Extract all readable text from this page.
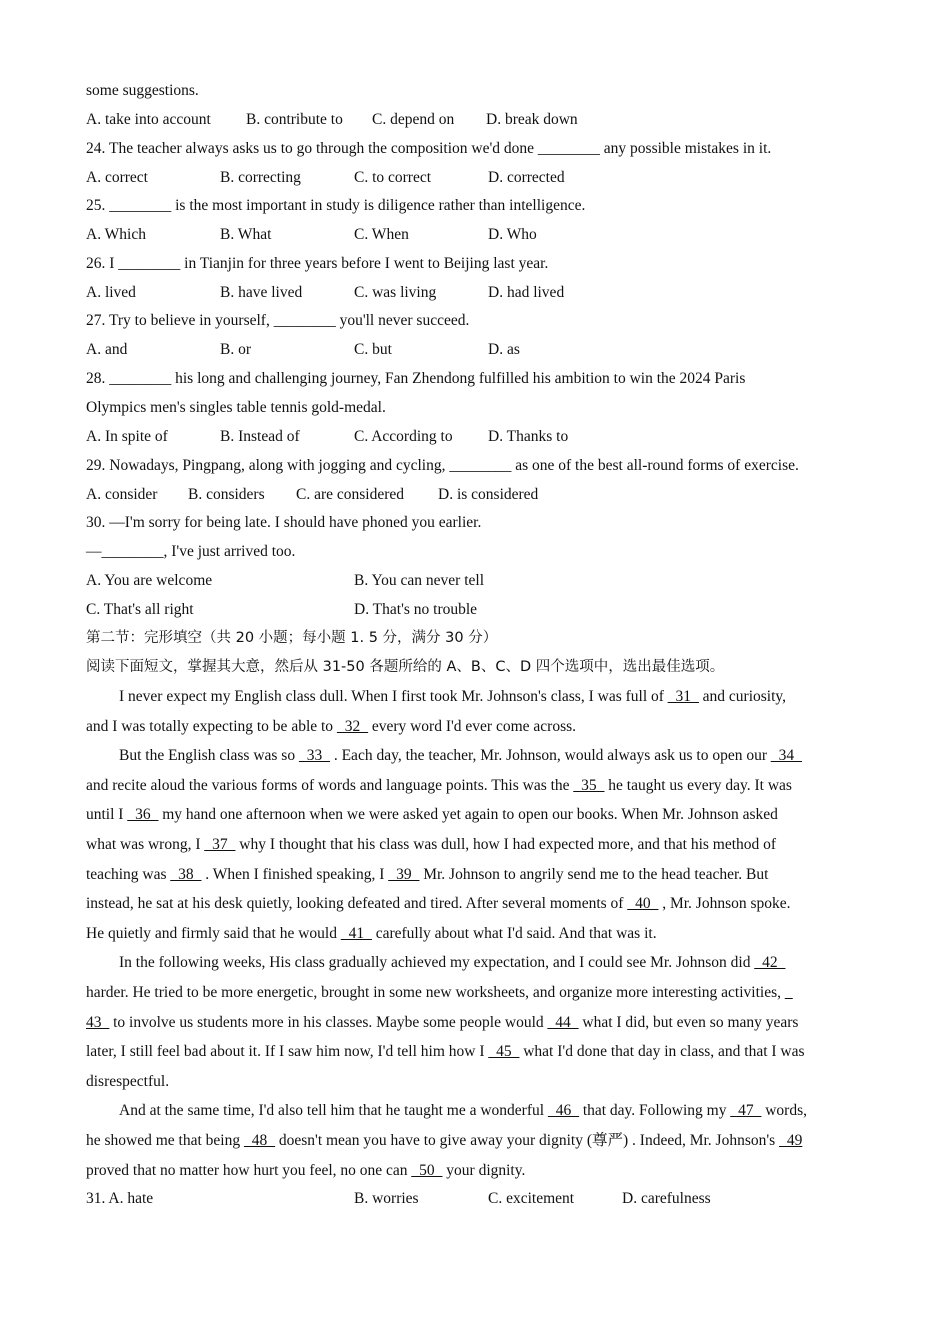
some suggestions.
A. take into account B. contribute to C. depend on D. break down
24. The teacher always asks us to go through the composition we'd done ________ any possible mistakes in it.
A. correct	B. correcting	C. to correct	D. corrected
25. ________ is the most important in study is diligence rather than intelligence.
A. Which	B. What	C. When	D. Who
26. I ________ in Tianjin for three years before I went to Beijing last year.
A. lived	B. have lived	C. was living	D. had lived
27. Try to believe in yourself, ________ you'll never succeed.
A. and	B. or	C. but	D. as
28. ________ his long and challenging journey, Fan Zhendong fulfilled his ambition to win the 2024 Paris
Olympics men's singles table tennis gold-medal.
A. In spite of	B. Instead of	C. According to D. Thanks to
29. Nowadays, Pingpang, along with jogging and cycling, ________ as one of the best all-round forms of exercise.
A. consider B. considers C. are considered D. is considered
30. —I'm sorry for being late. I should have phoned you earlier.
—________, I've just arrived too.
A. You are welcome	B. You can never tell
C. That's all right	D. That's no trouble
第二节：完形填空（共 20 小题；每小题 1. 5 分，满分 30 分）
阅读下面短文，掌握其大意，然后从 31-50 各题所给的 A、B、C、D 四个选项中，选出最佳选项。
I never expect my English class dull. When I first took Mr. Johnson's class, I was full of _31_ and curiosity,
and I was totally expecting to be able to _32_ every word I'd ever come across.
But the English class was so _33_ . Each day, the teacher, Mr. Johnson, would always ask us to open our _34_
and recite aloud the various forms of words and language points. This was the _35_ he taught us every day. It was
until I _36_ my hand one afternoon when we were asked yet again to open our books. When Mr. Johnson asked
what was wrong, I _37_ why I thought that his class was dull, how I had expected more, and that his method of
teaching was _38_ . When I finished speaking, I _39_ Mr. Johnson to angrily send me to the head teacher. But
instead, he sat at his desk quietly, looking defeated and tired. After several moments of _40_ , Mr. Johnson spoke.
He quietly and firmly said that he would _41_ carefully about what I'd said. And that was it.
In the following weeks, His class gradually achieved my expectation, and I could see Mr. Johnson did _42_
harder. He tried to be more energetic, brought in some new worksheets, and organize more interesting activities, _
43_ to involve us students more in his classes. Maybe some people would _44_ what I did, but even so many years
later, I still feel bad about it. If I saw him now, I'd tell him how I _45_ what I'd done that day in class, and that I was
disrespectful.
And at the same time, I'd also tell him that he taught me a wonderful _46_ that day. Following my _47_ words,
he showed me that being _48_ doesn't mean you have to give away your dignity (尊严) . Indeed, Mr. Johnson's _49
proved that no matter how hurt you feel, no one can _50_ your dignity.
31. A. hate	B. worries	C. excitement	D. carefulness
